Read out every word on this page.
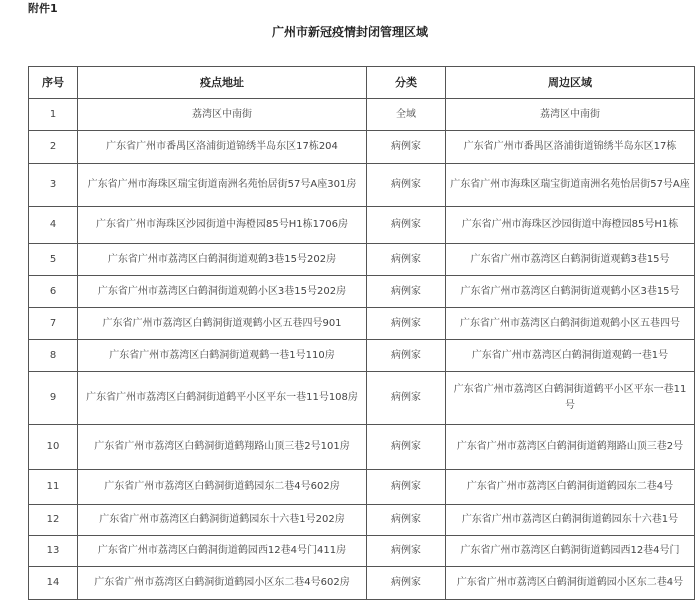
附件1
广州市新冠疫情封闭管理区域
序号	疫点地址	分类	周边区域
1	荔湾区中南街	全域	荔湾区中南街
2	广东省广州市番禺区洛浦街道锦绣半岛东区17栋204	病例家	广东省广州市番禺区洛浦街道锦绣半岛东区17栋
3	广东省广州市海珠区瑞宝街道南洲名苑怡居街57号A座301房	病例家	广东省广州市海珠区瑞宝街道南洲名苑怡居街57号A座
4	广东省广州市海珠区沙园街道中海橙园85号H1栋1706房	病例家	广东省广州市海珠区沙园街道中海橙园85号H1栋
5	广东省广州市荔湾区白鹤洞街道观鹤3巷15号202房	病例家	广东省广州市荔湾区白鹤洞街道观鹤3巷15号
6	广东省广州市荔湾区白鹤洞街道观鹤小区3巷15号202房	病例家	广东省广州市荔湾区白鹤洞街道观鹤小区3巷15号
7	广东省广州市荔湾区白鹤洞街道观鹤小区五巷四号901	病例家	广东省广州市荔湾区白鹤洞街道观鹤小区五巷四号
8	广东省广州市荔湾区白鹤洞街道观鹤一巷1号110房	病例家	广东省广州市荔湾区白鹤洞街道观鹤一巷1号
9	广东省广州市荔湾区白鹤洞街道鹤平小区平东一巷11号108房	病例家	广东省广州市荔湾区白鹤洞街道鹤平小区平东一巷11号
10	广东省广州市荔湾区白鹤洞街道鹤翔路山顶三巷2号101房	病例家	广东省广州市荔湾区白鹤洞街道鹤翔路山顶三巷2号
11	广东省广州市荔湾区白鹤洞街道鹤园东二巷4号602房	病例家	广东省广州市荔湾区白鹤洞街道鹤园东二巷4号
12	广东省广州市荔湾区白鹤洞街道鹤园东十六巷1号202房	病例家	广东省广州市荔湾区白鹤洞街道鹤园东十六巷1号
13	广东省广州市荔湾区白鹤洞街道鹤园西12巷4号门411房	病例家	广东省广州市荔湾区白鹤洞街道鹤园西12巷4号门
14	广东省广州市荔湾区白鹤洞街道鹤园小区东二巷4号602房	病例家	广东省广州市荔湾区白鹤洞街道鹤园小区东二巷4号
